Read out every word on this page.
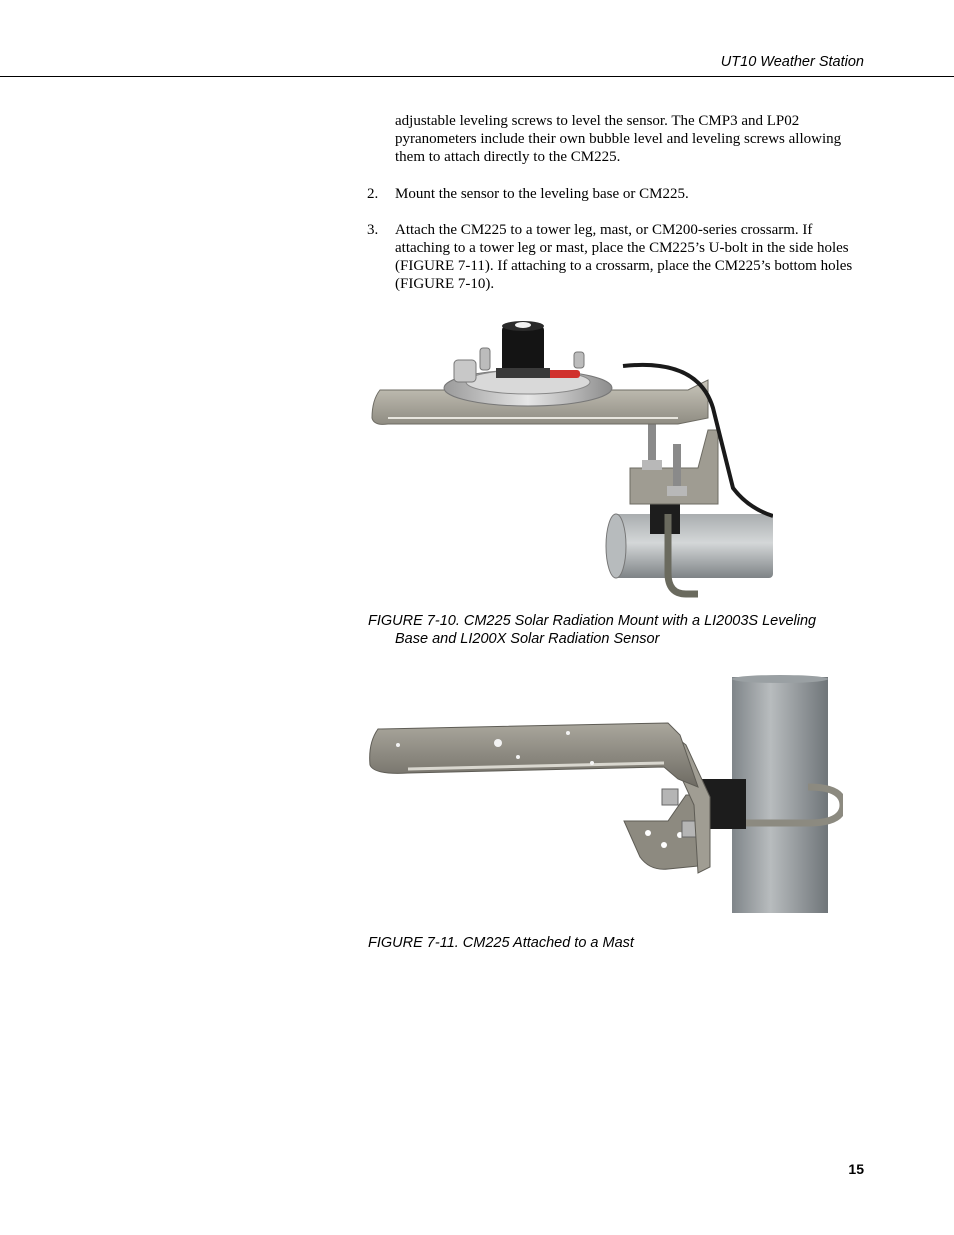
UT10 Weather Station
adjustable leveling screws to level the sensor. The CMP3 and LP02 pyranometers include their own bubble level and leveling screws allowing them to attach directly to the CM225.
2. Mount the sensor to the leveling base or CM225.
3. Attach the CM225 to a tower leg, mast, or CM200-series crossarm. If attaching to a tower leg or mast, place the CM225’s U-bolt in the side holes (FIGURE 7-11). If attaching to a crossarm, place the CM225’s bottom holes (FIGURE 7-10).
FIGURE 7-10. CM225 Solar Radiation Mount with a LI2003S Leveling
Base and LI200X Solar Radiation Sensor
FIGURE 7-11. CM225 Attached to a Mast
15
